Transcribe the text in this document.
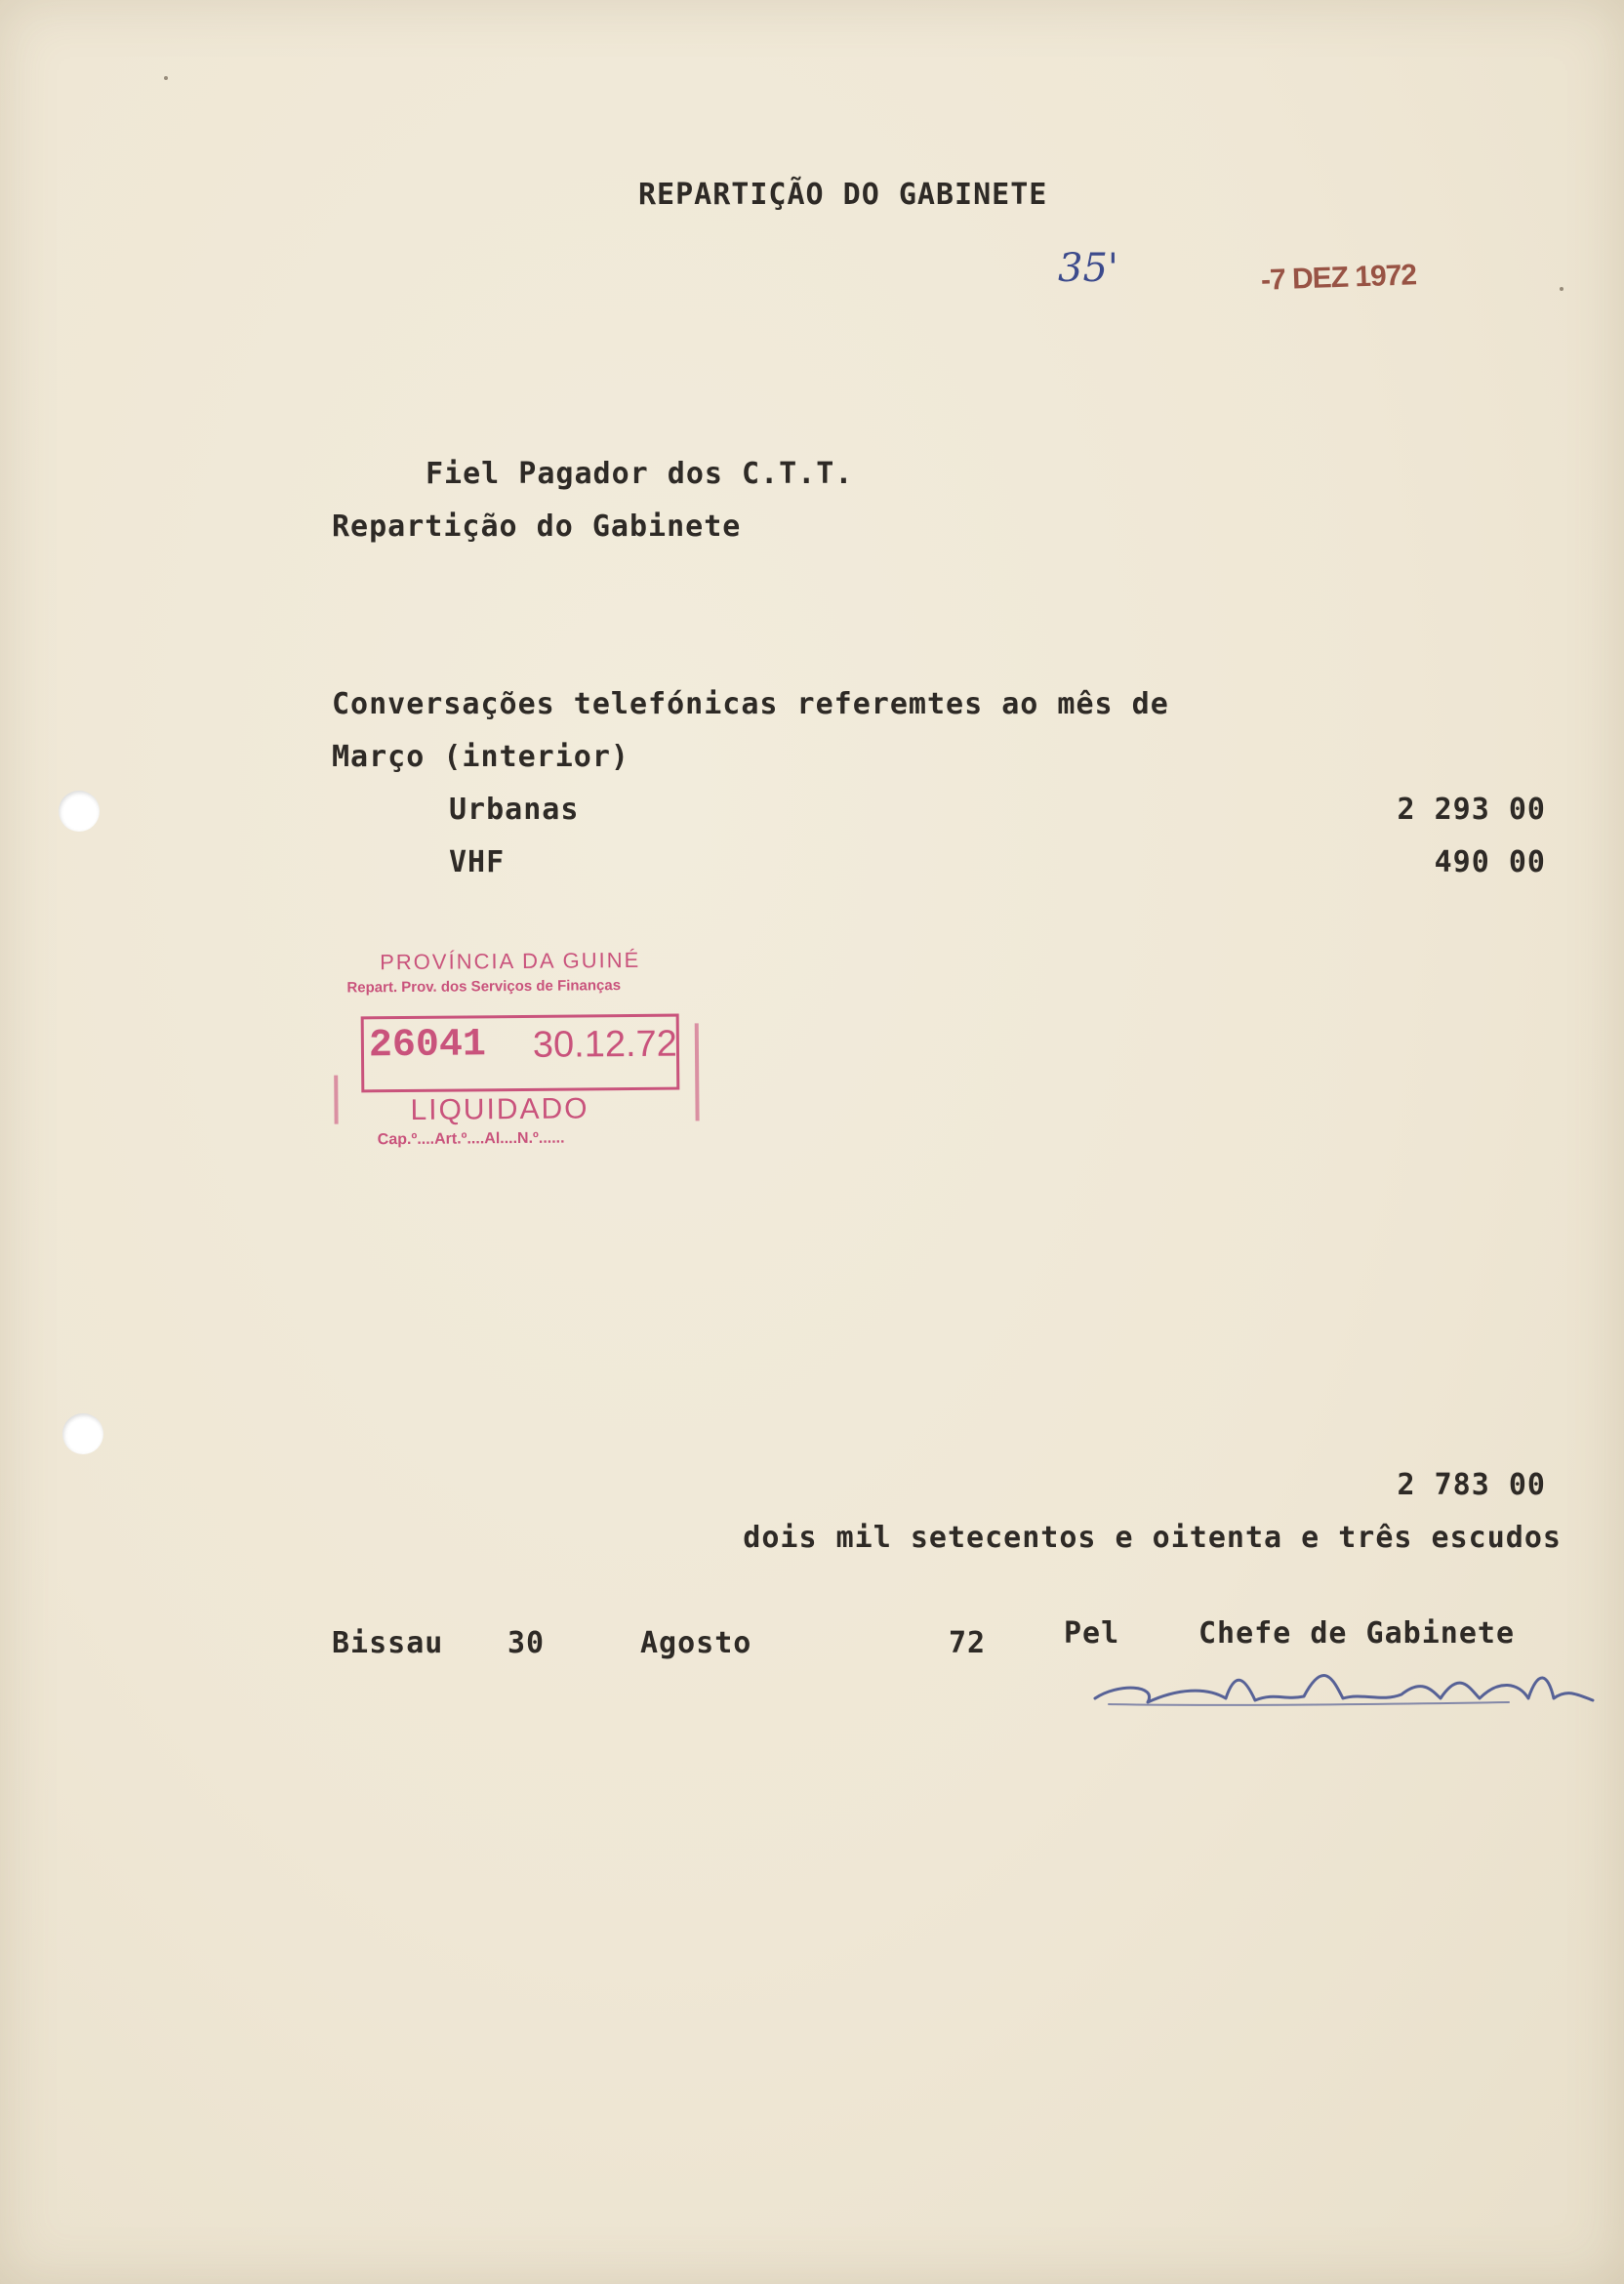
REPARTIÇÃO DO GABINETE
35'	-7 DEZ 1972
Fiel Pagador dos C.T.T.
Repartição do Gabinete
Conversações telefónicas referemtes ao mês de
Março (interior)
Urbanas	2 293 00
VHF	490 00
PROVÍNCIA DA GUINÉ
Repart. Prov. dos Serviços de Finanças
26041 30.12.72
LIQUIDADO
Cap.º....Art.º....Al....N.º......
2 783 00
dois mil setecentos e oitenta e três escudos
Bissau 30	Agosto	72	Pel	Chefe de Gabinete
